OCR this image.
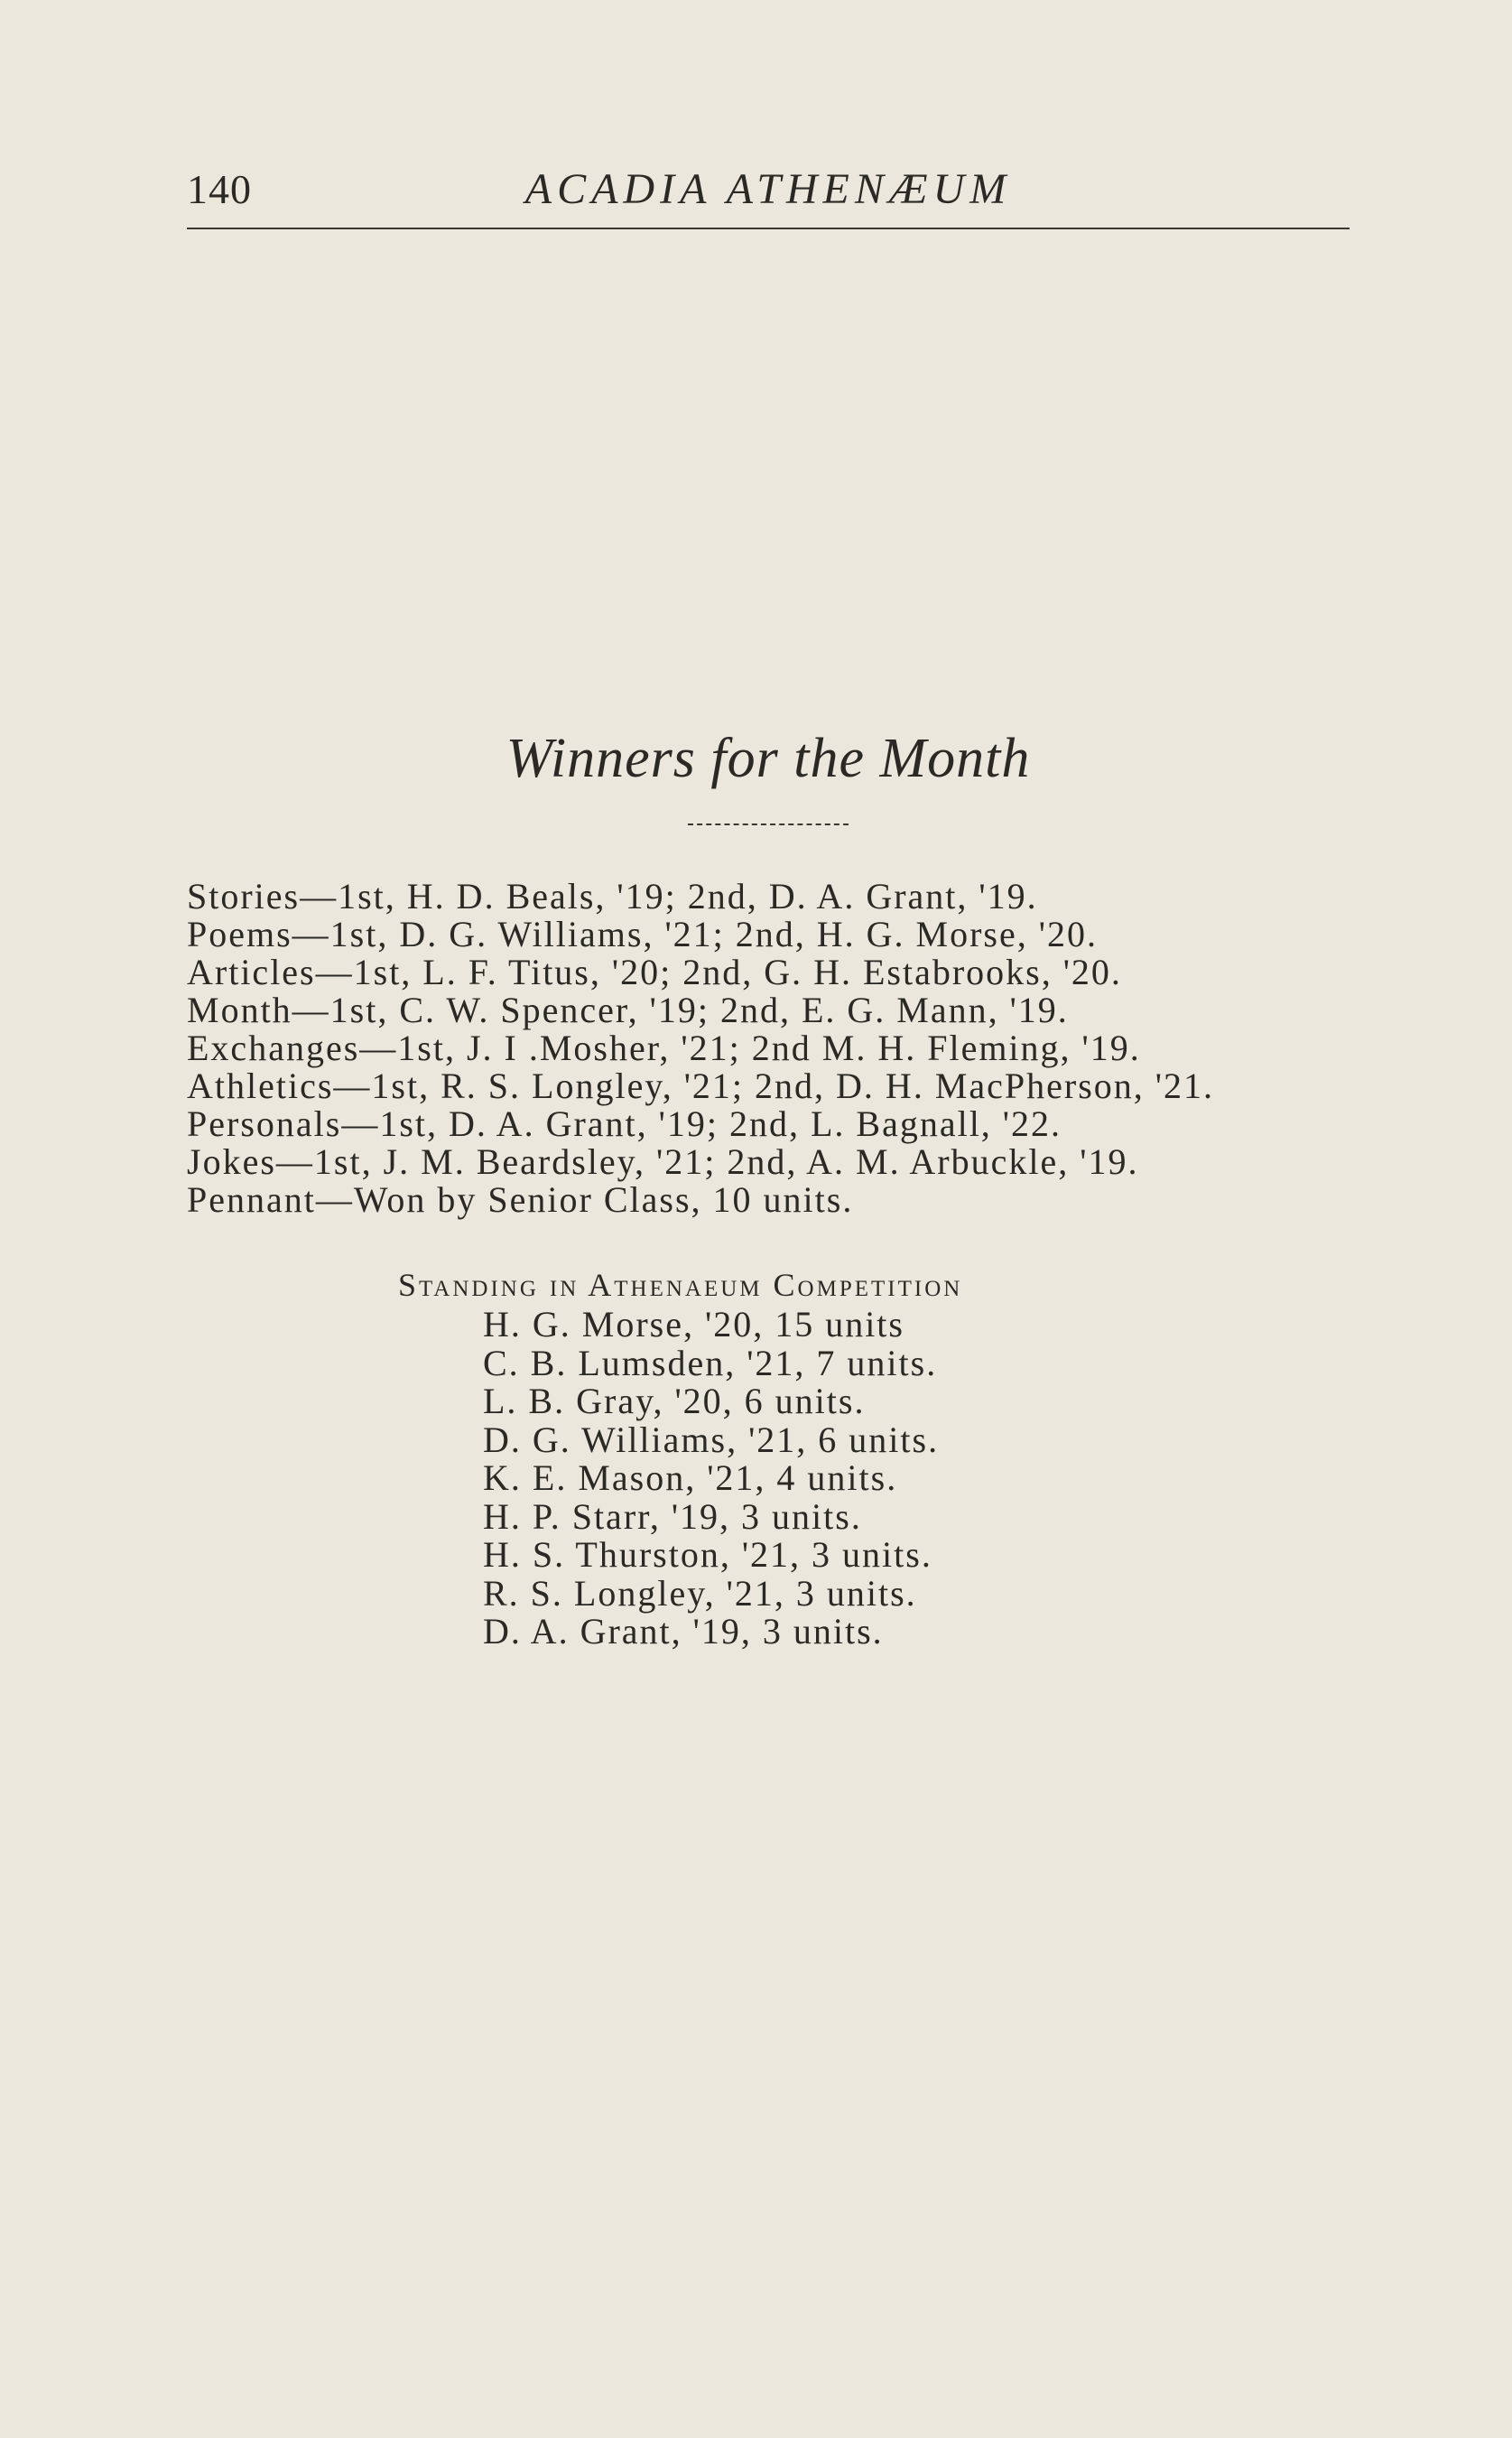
140	ACADIA ATHENÆUM
Winners for the Month
Stories—1st, H. D. Beals, '19; 2nd, D. A. Grant, '19.
Poems—1st, D. G. Williams, '21; 2nd, H. G. Morse, '20.
Articles—1st, L. F. Titus, '20; 2nd, G. H. Estabrooks, '20.
Month—1st, C. W. Spencer, '19; 2nd, E. G. Mann, '19.
Exchanges—1st, J. I .Mosher, '21; 2nd M. H. Fleming, '19.
Athletics—1st, R. S. Longley, '21; 2nd, D. H. MacPherson, '21.
Personals—1st, D. A. Grant, '19; 2nd, L. Bagnall, '22.
Jokes—1st, J. M. Beardsley, '21; 2nd, A. M. Arbuckle, '19.
Pennant—Won by Senior Class, 10 units.
Standing in Athenaeum Competition
H. G. Morse, '20, 15 units
C. B. Lumsden, '21, 7 units.
L. B. Gray, '20, 6 units.
D. G. Williams, '21, 6 units.
K. E. Mason, '21, 4 units.
H. P. Starr, '19, 3 units.
H. S. Thurston, '21, 3 units.
R. S. Longley, '21, 3 units.
D. A. Grant, '19, 3 units.
